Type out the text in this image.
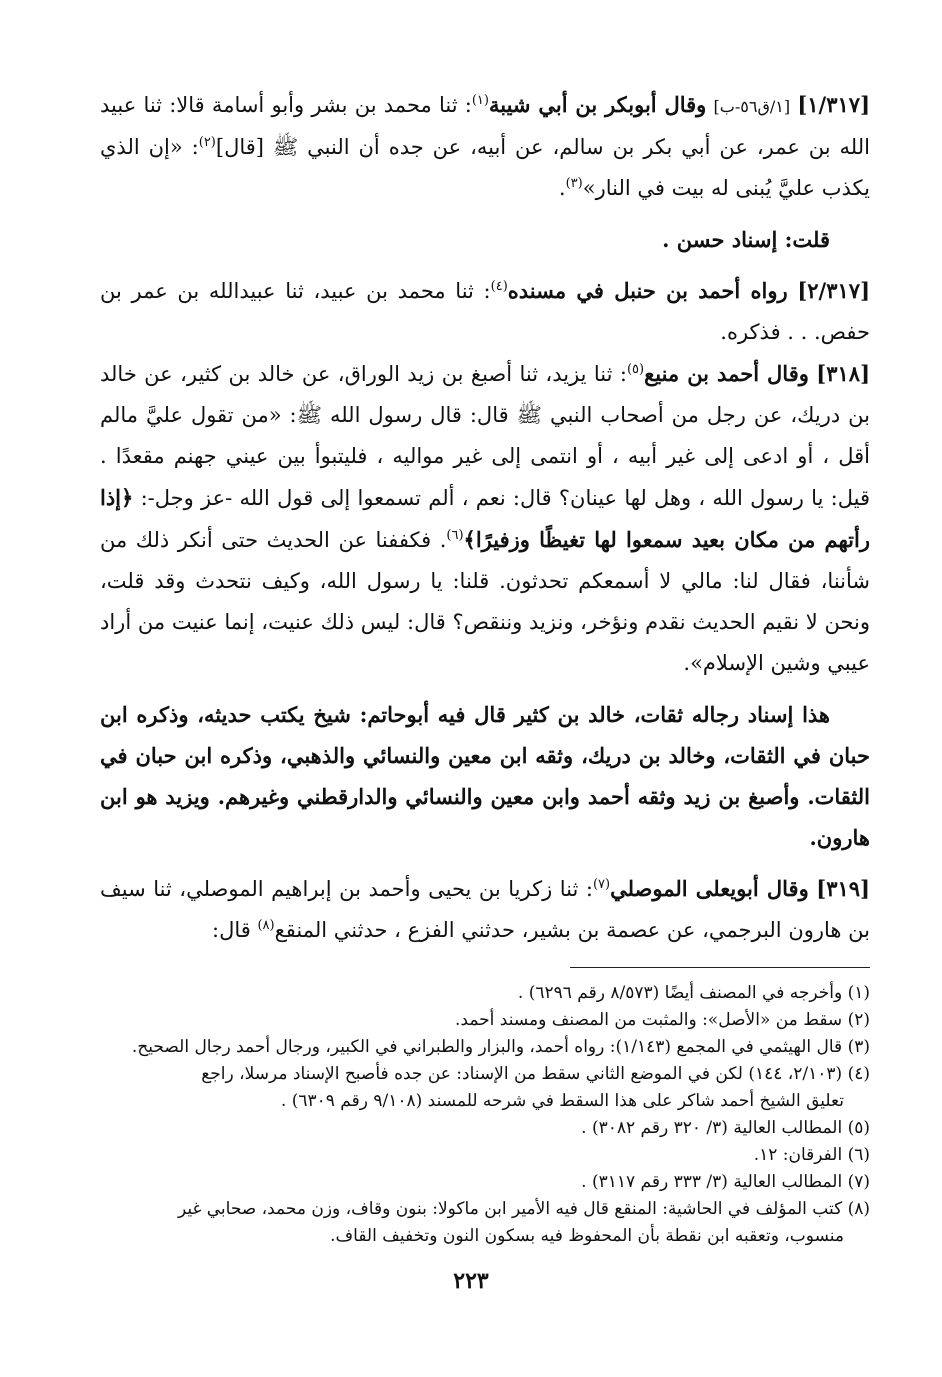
[١/٣١٧] [١/ق٥٦-ب] وقال أبوبكر بن أبي شيبة$^{(١)}$: ثنا محمد بن بشر وأبو أسامة قالا: ثنا عبيد الله بن عمر، عن أبي بكر بن سالم، عن أبيه، عن جده أن النبي ﷺ [قال]$^{(٢)}$: «إن الذي يكذب عليَّ يُبنى له بيت في النار»$^{(٣)}$.

قلت: إسناد حسن .

[٢/٣١٧] رواه أحمد بن حنبل في مسنده$^{(٤)}$: ثنا محمد بن عبيد، ثنا عبيدالله بن عمر بن حفص. . . فذكره.

[٣١٨] وقال أحمد بن منيع$^{(٥)}$: ثنا يزيد، ثنا أصبغ بن زيد الوراق، عن خالد بن كثير، عن خالد بن دريك، عن رجل من أصحاب النبي ﷺ قال: قال رسول الله ﷺ: «من تقول عليَّ مالم أقل ، أو ادعى إلى غير أبيه ، أو انتمى إلى غير مواليه ، فليتبوأ بين عيني جهنم مقعدًا . قيل: يا رسول الله ، وهل لها عينان؟ قال: نعم ، ألم تسمعوا إلى قول الله -عز وجل-: ﴿إذا رأتهم من مكان بعيد سمعوا لها تغيظًا وزفيرًا﴾$^{(٦)}$. فكففنا عن الحديث حتى أنكر ذلك من شأننا، فقال لنا: مالي لا أسمعكم تحدثون. قلنا: يا رسول الله، وكيف نتحدث وقد قلت، ونحن لا نقيم الحديث نقدم ونؤخر، ونزيد وننقص؟ قال: ليس ذلك عنيت، إنما عنيت من أراد عيبي وشين الإسلام».

هذا إسناد رجاله ثقات، خالد بن كثير قال فيه أبوحاتم: شيخ يكتب حديثه، وذكره ابن حبان في الثقات، وخالد بن دريك، وثقه ابن معين والنسائي والذهبي، وذكره ابن حبان في الثقات. وأصبغ بن زيد وثقه أحمد وابن معين والنسائي والدارقطني وغيرهم. ويزيد هو ابن هارون.

[٣١٩] وقال أبويعلى الموصلي$^{(٧)}$: ثنا زكريا بن يحيى وأحمد بن إبراهيم الموصلي، ثنا سيف بن هارون البرجمي، عن عصمة بن بشير، حدثني الفزع ، حدثني المنقع$^{(٨)}$ قال:

(١) وأخرجه في المصنف أيضًا (٨/٥٧٣ رقم ٦٢٩٦) .

(٢) سقط من «الأصل»: والمثبت من المصنف ومسند أحمد.

(٣) قال الهيثمي في المجمع (١/١٤٣): رواه أحمد، والبزار والطبراني في الكبير، ورجال أحمد رجال الصحيح.

(٤) (٢/١٠٣، ١٤٤) لكن في الموضع الثاني سقط من الإسناد: عن جده فأصبح الإسناد مرسلا، راجع

تعليق الشيخ أحمد شاكر على هذا السقط في شرحه للمسند (٩/١٠٨ رقم ٦٣٠٩) .

(٥) المطالب العالية (٣/ ٣٢٠ رقم ٣٠٨٢) .

(٦) الفرقان: ١٢.

(٧) المطالب العالية (٣/ ٣٣٣ رقم ٣١١٧) .

(٨) كتب المؤلف في الحاشية: المنقع قال فيه الأمير ابن ماكولا: بنون وقاف، وزن محمد، صحابي غير

منسوب، وتعقبه ابن نقطة بأن المحفوظ فيه بسكون النون وتخفيف القاف.

٢٢٣
